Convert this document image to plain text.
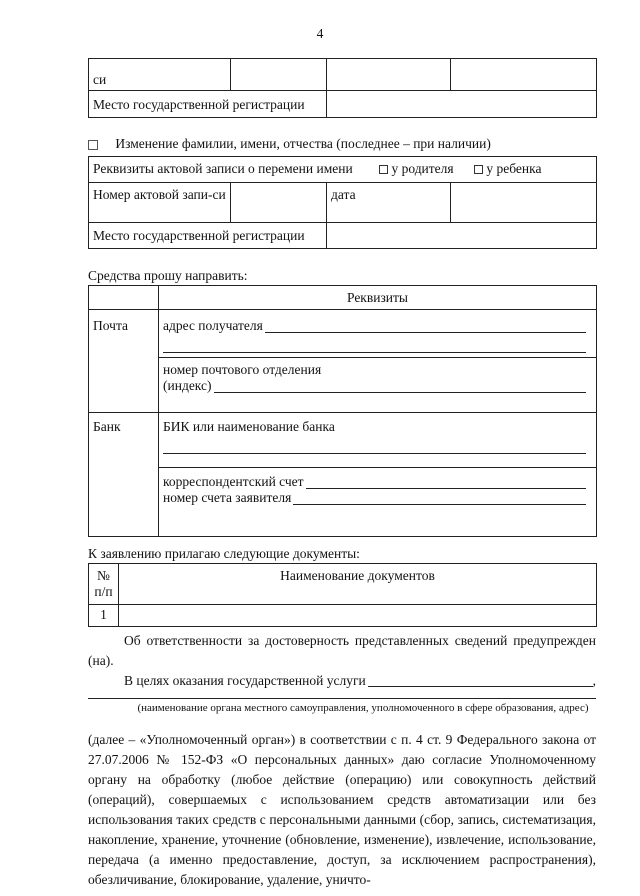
4
си			
Место государственной регистрации			
Изменение фамилии, имени, отчества (последнее – при наличии)
Реквизиты актовой записи о перемени имени у родителя у ребенка			
Номер актовой запи-си		дата	
Место государственной регистрации			
Средства прошу направить:
	Реквизиты
Почта	адрес получателя

	номер почтового отделения
(индекс)

Банк	БИК или наименование банка

	корреспондентский счет
номер счета заявителя
К заявлению прилагаю следующие документы:
№ п/п	Наименование документов
1	
Об ответственности за достоверность представленных сведений предупрежден (на).
В целях оказания государственной услуги	,
(наименование органа местного самоуправления, уполномоченного в сфере образования, адрес)
(далее – «Уполномоченный орган») в соответствии с п. 4 ст. 9 Федерального закона от 27.07.2006 № 152-ФЗ «О персональных данных» даю согласие Уполномоченному органу на обработку (любое действие (операцию) или совокупность действий (операций), совершаемых с использованием средств автоматизации или без использования таких средств с персональными данными (сбор, запись, систематизация, накопление, хранение, уточнение (обновление, изменение), извлечение, использование, передача (а именно предоставление, доступ, за исключением распространения), обезличивание, блокирование, удаление, уничто-
